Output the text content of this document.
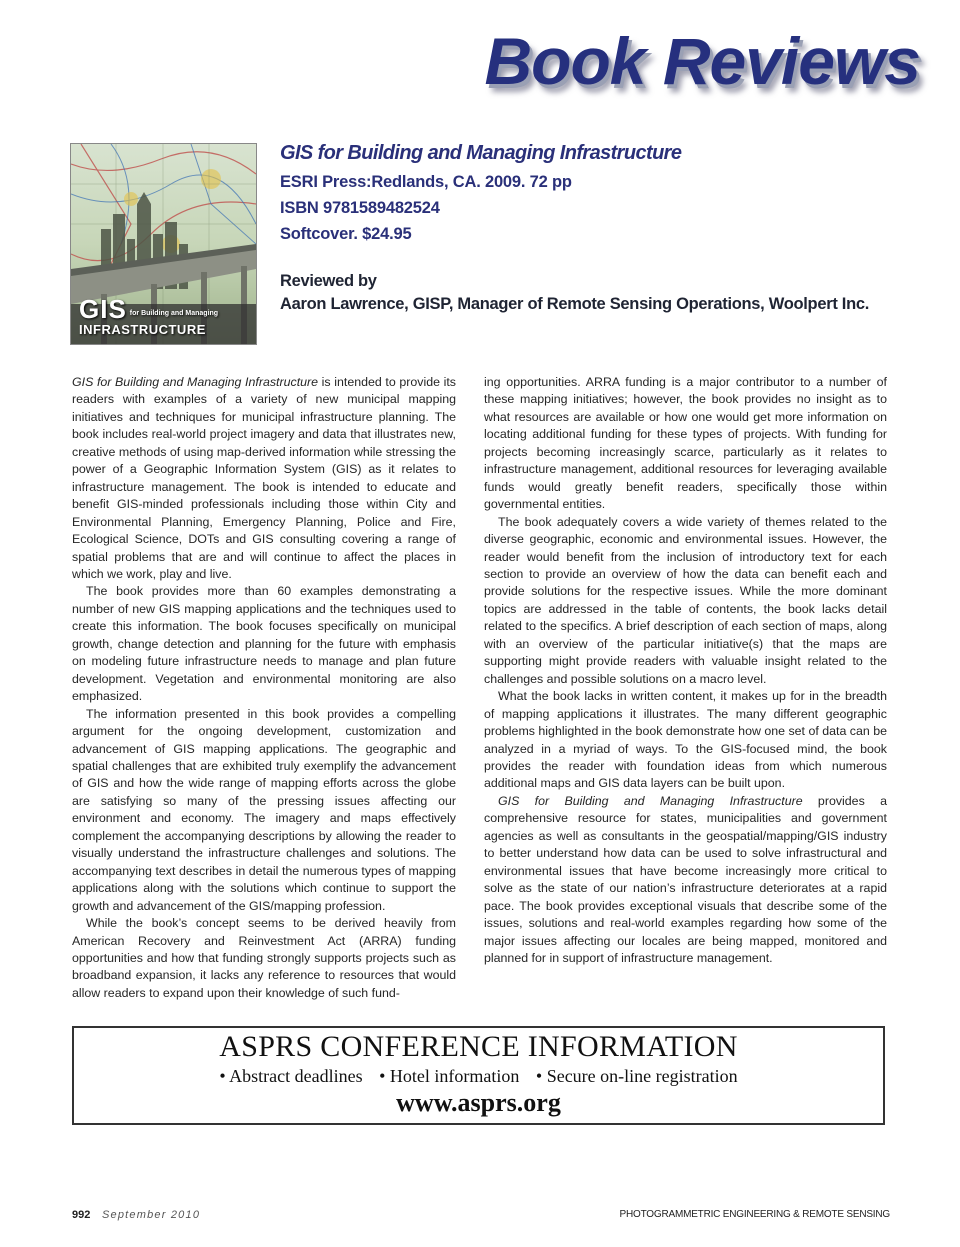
Book Reviews
GIS for Building and Managing
INFRASTRUCTURE
GIS for Building and Managing Infrastructure
ESRI Press:Redlands, CA. 2009. 72 pp
ISBN 9781589482524
Softcover. $24.95
Reviewed by
Aaron Lawrence, GISP, Manager of Remote Sensing Operations, Woolpert Inc.

GIS for Building and Managing Infrastructure is intended to provide its readers with examples of a variety of new municipal mapping initiatives and techniques for municipal infrastructure planning. The book includes real-world project imagery and data that illustrates new, creative methods of using map-derived information while stressing the power of a Geographic Information System (GIS) as it relates to infrastructure management. The book is intended to educate and benefit GIS-minded professionals including those within City and Environmental Planning, Emergency Planning, Police and Fire, Ecological Science, DOTs and GIS consulting covering a range of spatial problems that are and will continue to affect the places in which we work, play and live.

The book provides more than 60 examples demonstrating a number of new GIS mapping applications and the techniques used to create this information. The book focuses specifically on municipal growth, change detection and planning for the future with emphasis on modeling future infrastructure needs to manage and plan future development. Vegetation and environmental monitoring are also emphasized.

The information presented in this book provides a compelling argument for the ongoing development, customization and advancement of GIS mapping applications. The geographic and spatial challenges that are exhibited truly exemplify the advancement of GIS and how the wide range of mapping efforts across the globe are satisfying so many of the pressing issues affecting our environment and economy. The imagery and maps effectively complement the accompanying descriptions by allowing the reader to visually understand the infrastructure challenges and solutions. The accompanying text describes in detail the numerous types of mapping applications along with the solutions which continue to support the growth and advancement of the GIS/mapping profession.

While the book’s concept seems to be derived heavily from American Recovery and Reinvestment Act (ARRA) funding opportunities and how that funding strongly supports projects such as broadband expansion, it lacks any reference to resources that would allow readers to expand upon their knowledge of such fund-

ing opportunities. ARRA funding is a major contributor to a number of these mapping initiatives; however, the book provides no insight as to what resources are available or how one would get more information on locating additional funding for these types of projects. With funding for projects becoming increasingly scarce, particularly as it relates to infrastructure management, additional resources for leveraging available funds would greatly benefit readers, specifically those within governmental entities.

The book adequately covers a wide variety of themes related to the diverse geographic, economic and environmental issues. However, the reader would benefit from the inclusion of introductory text for each section to provide an overview of how the data can benefit each and provide solutions for the respective issues. While the more dominant topics are addressed in the table of contents, the book lacks detail related to the specifics. A brief description of each section of maps, along with an overview of the particular initiative(s) that the maps are supporting might provide readers with valuable insight related to the challenges and possible solutions on a macro level.

What the book lacks in written content, it makes up for in the breadth of mapping applications it illustrates. The many different geographic problems highlighted in the book demonstrate how one set of data can be analyzed in a myriad of ways. To the GIS-focused mind, the book provides the reader with foundation ideas from which numerous additional maps and GIS data layers can be built upon.

GIS for Building and Managing Infrastructure provides a comprehensive resource for states, municipalities and government agencies as well as consultants in the geospatial/mapping/GIS industry to better understand how data can be used to solve infrastructural and environmental issues that have become increasingly more critical to solve as the state of our nation’s infrastructure deteriorates at a rapid pace. The book provides exceptional visuals that describe some of the issues, solutions and real-world examples regarding how some of the major issues affecting our locales are being mapped, monitored and planned for in support of infrastructure management.

ASPRS CONFERENCE INFORMATION
• Abstract deadlines • Hotel information • Secure on-line registration
www.asprs.org
992 September 2010	PHOTOGRAMMETRIC ENGINEERING & REMOTE SENSING
